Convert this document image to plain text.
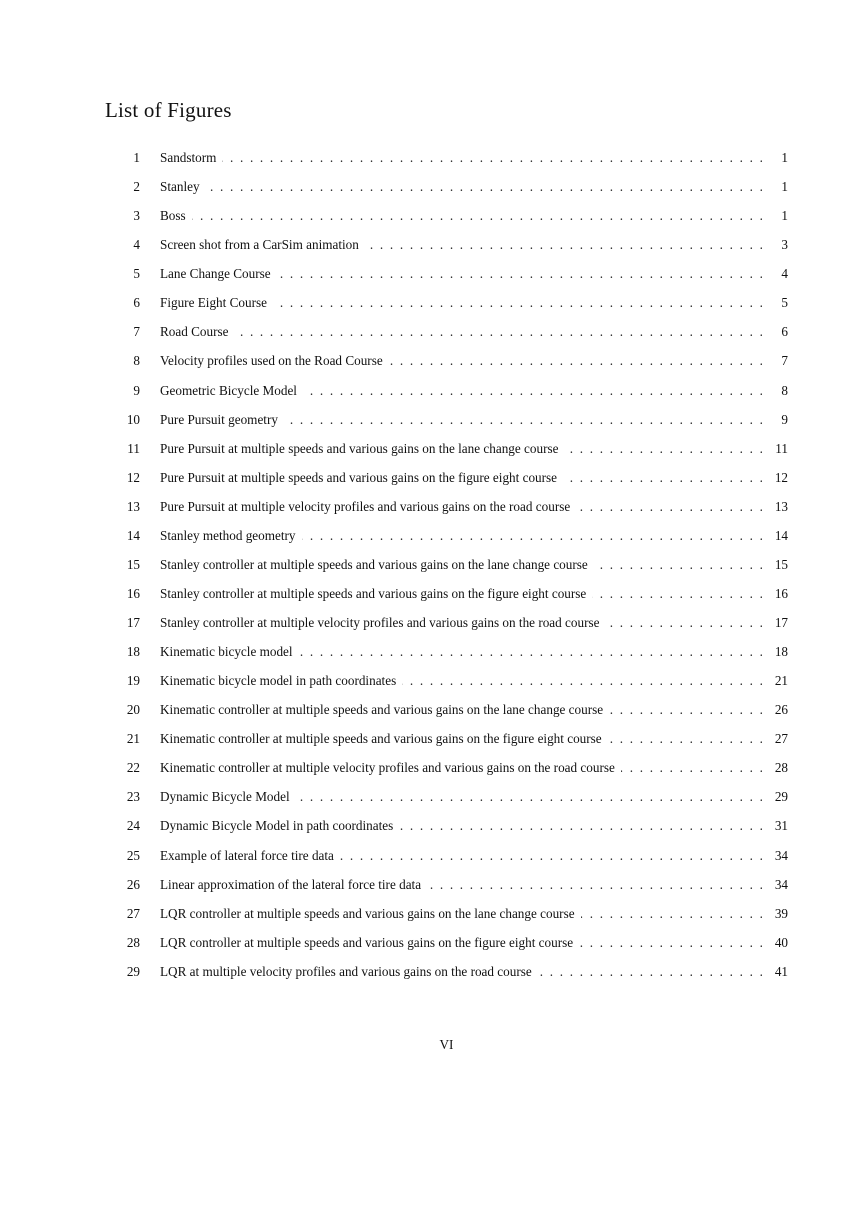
List of Figures
1 . . . Sandstorm	1
2 . . . Stanley	1
3 . . . Boss	1
4 . . . Screen shot from a CarSim animation	3
5 . . . Lane Change Course	4
6 . . . Figure Eight Course	5
7 . . . Road Course	6
8 . . . Velocity profiles used on the Road Course	7
9 . . . Geometric Bicycle Model	8
10 . . . Pure Pursuit geometry	9
11 . . . Pure Pursuit at multiple speeds and various gains on the lane change course	11
12 . . . Pure Pursuit at multiple speeds and various gains on the figure eight course	12
13 . . . Pure Pursuit at multiple velocity profiles and various gains on the road course	13
14 . . . Stanley method geometry	14
15 . . . Stanley controller at multiple speeds and various gains on the lane change course	15
16 . . . Stanley controller at multiple speeds and various gains on the figure eight course	16
17 . . . Stanley controller at multiple velocity profiles and various gains on the road course	17
18 . . . Kinematic bicycle model	18
19 . . . Kinematic bicycle model in path coordinates	21
20 . . . Kinematic controller at multiple speeds and various gains on the lane change course	26
21 . . . Kinematic controller at multiple speeds and various gains on the figure eight course	27
22 . . . Kinematic controller at multiple velocity profiles and various gains on the road course	28
23 . . . Dynamic Bicycle Model	29
24 . . . Dynamic Bicycle Model in path coordinates	31
25 . . . Example of lateral force tire data	34
26 . . . Linear approximation of the lateral force tire data	34
27 . . . LQR controller at multiple speeds and various gains on the lane change course	39
28 . . . LQR controller at multiple speeds and various gains on the figure eight course	40
29 . . . LQR at multiple velocity profiles and various gains on the road course	41
VI
